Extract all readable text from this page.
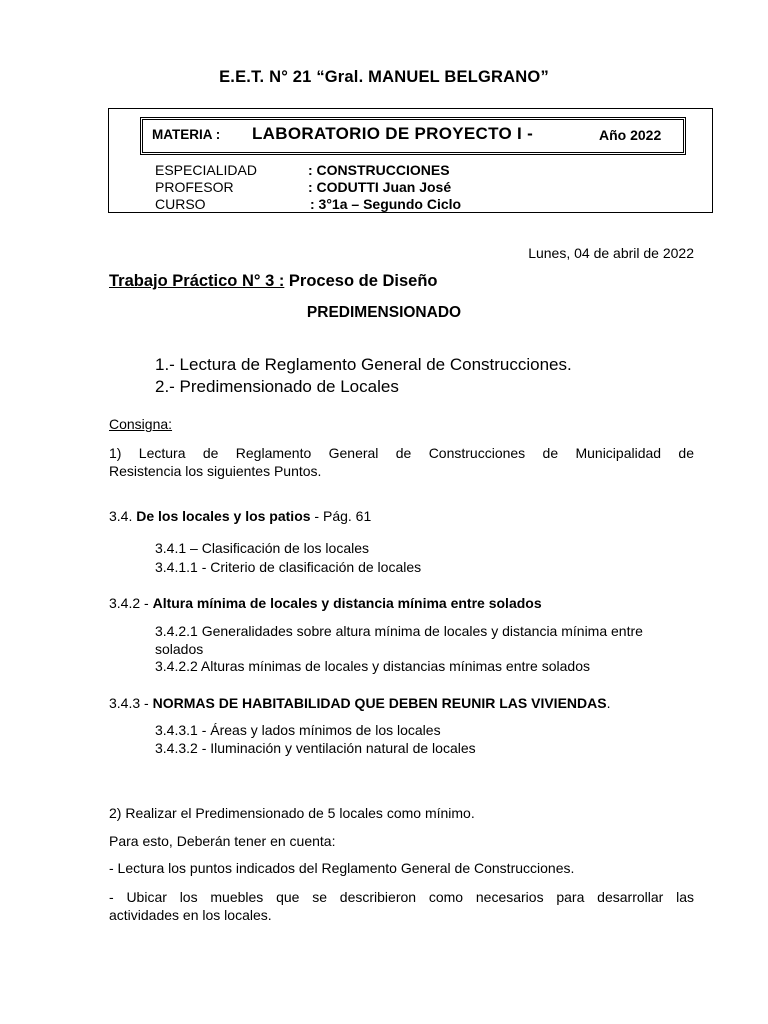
E.E.T. N° 21 “Gral. MANUEL BELGRANO”
MATERIA : LABORATORIO DE PROYECTO I -	Año 2022
ESPECIALIDAD	: CONSTRUCCIONES
PROFESOR	: CODUTTI Juan José
CURSO	: 3°1a – Segundo Ciclo
Lunes, 04 de abril de 2022
Trabajo Práctico N° 3 : Proceso de Diseño
PREDIMENSIONADO
1.- Lectura de Reglamento General de Construcciones.
2.- Predimensionado de Locales
Consigna:
1) Lectura de Reglamento General de Construcciones de Municipalidad de
Resistencia los siguientes Puntos.
3.4. De los locales y los patios - Pág. 61
3.4.1 – Clasificación de los locales
3.4.1.1 - Criterio de clasificación de locales
3.4.2 - Altura mínima de locales y distancia mínima entre solados
3.4.2.1 Generalidades sobre altura mínima de locales y distancia mínima entre
solados
3.4.2.2 Alturas mínimas de locales y distancias mínimas entre solados
3.4.3 - NORMAS DE HABITABILIDAD QUE DEBEN REUNIR LAS VIVIENDAS.
3.4.3.1 - Áreas y lados mínimos de los locales
3.4.3.2 - Iluminación y ventilación natural de locales
2) Realizar el Predimensionado de 5 locales como mínimo.
Para esto, Deberán tener en cuenta:
- Lectura los puntos indicados del Reglamento General de Construcciones.
- Ubicar los muebles que se describieron como necesarios para desarrollar las
actividades en los locales.
